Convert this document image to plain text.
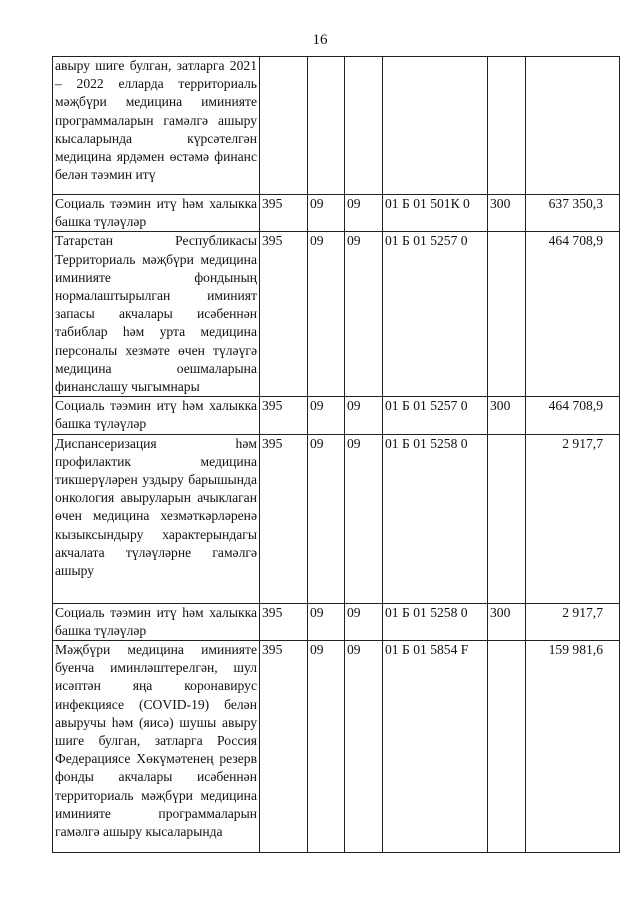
16
авыру шиге булган, затларга 2021 – 2022 елларда территориаль мәҗбүри медицина иминияте программаларын гамәлгә ашыру кысаларында күрсәтелгән медицина ярдәмен өстәмә финанс белән тәэмин итү						
Социаль тәэмин итү һәм халыкка башка түләүләр	395	09	09	01 Б 01 501К 0	300	637 350,3
Татарстан Республикасы Территориаль мәҗбүри медицина иминияте фондының нормалаштырылган иминият запасы акчалары исәбеннән табиблар һәм урта медицина персоналы хезмәте өчен түләүгә медицина оешмаларына финанслашу чыгымнары	395	09	09	01 Б 01 5257 0		464 708,9
Социаль тәэмин итү һәм халыкка башка түләүләр	395	09	09	01 Б 01 5257 0	300	464 708,9
Диспансеризация һәм профилактик медицина тикшерүләрен уздыру барышында онкология авыруларын ачыклаган өчен медицина хезмәткәрләренә кызыксындыру характерындагы акчалата түләүләрне гамәлгә ашыру	395	09	09	01 Б 01 5258 0		2 917,7
Социаль тәэмин итү һәм халыкка башка түләүләр	395	09	09	01 Б 01 5258 0	300	2 917,7
Мәҗбүри медицина иминияте буенча иминләштерелгән, шул исәптән яңа коронавирус инфекциясе (COVID-19) белән авыручы һәм (яисә) шушы авыру шиге булган, затларга Россия Федерациясе Хөкүмәтенең резерв фонды акчалары исәбеннән территориаль мәҗбүри медицина иминияте программаларын гамәлгә ашыру кысаларында	395	09	09	01 Б 01 5854 F		159 981,6
